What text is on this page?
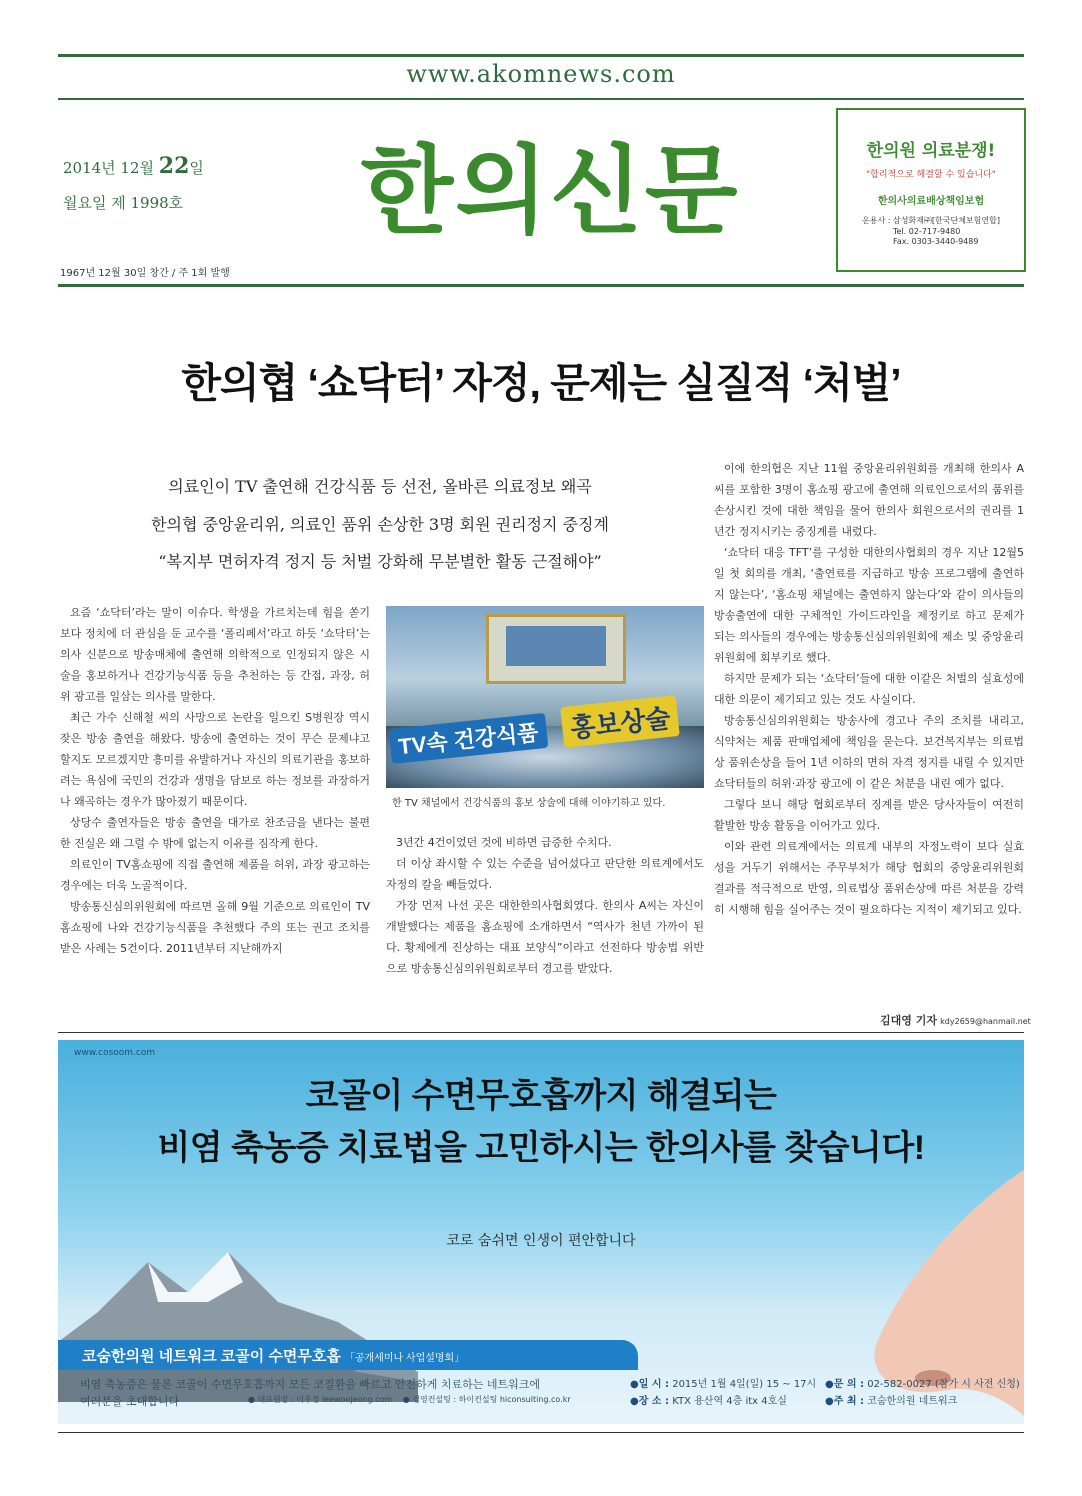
www.akomnews.com
2014년 12월 22일
월요일 제 1998호
1967년 12월 30일 창간 / 주 1회 발행
한의신문	한의원 의료분쟁!
"합리적으로 해결할 수 있습니다"
한의사의료배상책임보험
운용사 : 삼성화재㈜[한국단체보험연합]
Tel. 02-717-9480
Fax. 0303-3440-9489
한의협 ‘쇼닥터’ 자정, 문제는 실질적 ‘처벌’
의료인이 TV 출연해 건강식품 등 선전, 올바른 의료정보 왜곡
한의협 중앙윤리위, 의료인 품위 손상한 3명 회원 권리정지 중징계
“복지부 면허자격 정지 등 처벌 강화해 무분별한 활동 근절해야”

요즘 ‘쇼닥터’라는 말이 이슈다. 학생을 가르치는데 힘을 쏟기 보다 정치에 더 관심을 둔 교수를 ‘폴리페서’라고 하듯 ‘쇼닥터’는 의사 신분으로 방송매체에 출연해 의학적으로 인정되지 않은 시술을 홍보하거나 건강기능식품 등을 추천하는 등 간접, 과장, 허위 광고를 일삼는 의사를 말한다.

최근 가수 신해철 씨의 사망으로 논란을 일으킨 S병원장 역시 잦은 방송 출연을 해왔다. 방송에 출연하는 것이 무슨 문제냐고 할지도 모르겠지만 흥미를 유발하거나 자신의 의료기관을 홍보하려는 욕심에 국민의 건강과 생명을 담보로 하는 정보를 과장하거나 왜곡하는 경우가 많아졌기 때문이다.

상당수 출연자들은 방송 출연을 대가로 찬조금을 낸다는 불편한 진실은 왜 그럴 수 밖에 없는지 이유를 짐작케 한다.

의료인이 TV홈쇼핑에 직접 출연해 제품을 허위, 과장 광고하는 경우에는 더욱 노골적이다.

방송통신심의위원회에 따르면 올해 9월 기준으로 의료인이 TV 홈쇼핑에 나와 건강기능식품을 추천했다 주의 또는 권고 조치를 받은 사례는 5건이다. 2011년부터 지난해까지

TV속 건강식품	홍보상술
한 TV 채널에서 건강식품의 홍보 상술에 대해 이야기하고 있다.

3년간 4건이었던 것에 비하면 급증한 수치다.

더 이상 좌시할 수 있는 수준을 넘어섰다고 판단한 의료계에서도 자정의 칼을 빼들었다.

가장 먼저 나선 곳은 대한한의사협회였다. 한의사 A씨는 자신이 개발했다는 제품을 홈쇼핑에 소개하면서 “역사가 천년 가까이 된다. 황제에게 진상하는 대표 보양식”이라고 선전하다 방송법 위반으로 방송통신심의위원회로부터 경고를 받았다.

이에 한의협은 지난 11월 중앙윤리위원회를 개최해 한의사 A 씨를 포함한 3명이 홈쇼핑 광고에 출연해 의료인으로서의 품위를 손상시킨 것에 대한 책임을 물어 한의사 회원으로서의 권리를 1년간 정지시키는 중징계를 내렸다.

‘쇼닥터 대응 TFT’를 구성한 대한의사협회의 경우 지난 12월5일 첫 회의를 개최, ‘출연료를 지급하고 방송 프로그램에 출연하지 않는다’, ‘홈쇼핑 채널에는 출연하지 않는다’와 같이 의사들의 방송출연에 대한 구체적인 가이드라인을 제정키로 하고 문제가 되는 의사들의 경우에는 방송통신심의위원회에 제소 및 중앙윤리위원회에 회부키로 했다.

하지만 문제가 되는 ‘쇼닥터’들에 대한 이같은 처벌의 실효성에 대한 의문이 제기되고 있는 것도 사실이다.

방송통신심의위원회는 방송사에 경고나 주의 조치를 내리고, 식약처는 제품 판매업체에 책임을 묻는다. 보건복지부는 의료법상 품위손상을 들어 1년 이하의 면허 자격 정지를 내릴 수 있지만 쇼닥터들의 허위·과장 광고에 이 같은 처분을 내린 예가 없다.

그렇다 보니 해당 협회로부터 징계를 받은 당사자들이 여전히 활발한 방송 활동을 이어가고 있다.

이와 관련 의료계에서는 의료계 내부의 자정노력이 보다 실효성을 거두기 위해서는 주무부처가 해당 협회의 중앙윤리위원회 결과를 적극적으로 반영, 의료법상 품위손상에 따른 처분을 강력히 시행해 힘을 실어주는 것이 필요하다는 지적이 제기되고 있다.

김대영 기자 kdy2659@hanmail.net
www.cosoom.com
코골이 수면무호흡까지 해결되는
비염 축농증 치료법을 고민하시는 한의사를 찾습니다!
코로 숨쉬면 인생이 편안합니다
코숨한의원 네트워크 코골이 수면무호흡 「공개세미나 사업설명회」
비염 축농증은 물론 코골이 수면무호흡까지 모든 코질환을 빠르고 안전하게 치료하는 네트워크에
여러분을 초대합니다	● 대표원장 : 이우정 leewoojeong.com ● 경영컨설팅 : 하이컨설팅 hiconsulting.co.kr
●일 시 : 2015년 1월 4일(일) 15 ~ 17시 ●문 의 : 02-582-0027 (참가 시 사전 신청)
●장 소 : KTX 용산역 4층 itx 4호실	●주 최 : 코숨한의원 네트워크
